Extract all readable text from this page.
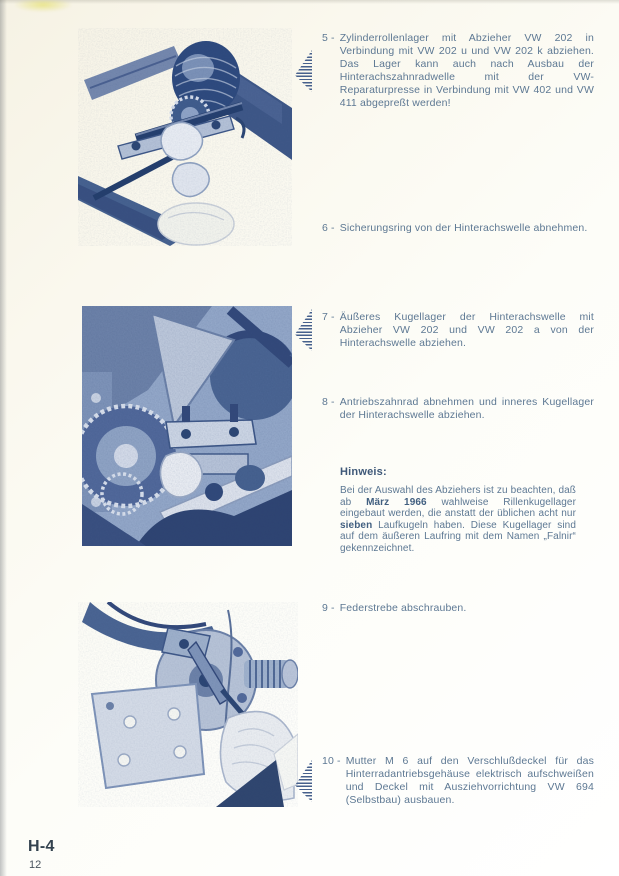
5 - Zylinderrollenlager mit Abzieher VW 202 in Verbindung mit VW 202 u und VW 202 k abziehen. Das Lager kann auch nach Ausbau der Hinterachszahnradwelle mit der VW-Reparaturpresse in Verbindung mit VW 402 und VW 411 abgepreßt werden!
6 - Sicherungsring von der Hinterachswelle abnehmen.
7 - Äußeres Kugellager der Hinterachswelle mit Abzieher VW 202 und VW 202 a von der Hinterachswelle abziehen.
8 - Antriebszahnrad abnehmen und inneres Kugellager der Hinterachswelle abziehen.
Hinweis:
Bei der Auswahl des Abziehers ist zu beachten, daß ab März 1966 wahlweise Rillenkugellager eingebaut werden, die anstatt der üblichen acht nur sieben Laufkugeln haben. Diese Kugellager sind auf dem äußeren Laufring mit dem Namen „Falnir“ gekennzeichnet.
9 - Federstrebe abschrauben.
10 - Mutter M 6 auf den Verschlußdeckel für das Hinterradantriebsgehäuse elektrisch aufschweißen und Deckel mit Ausziehvorrichtung VW 694 (Selbstbau) ausbauen.
H-4
12
